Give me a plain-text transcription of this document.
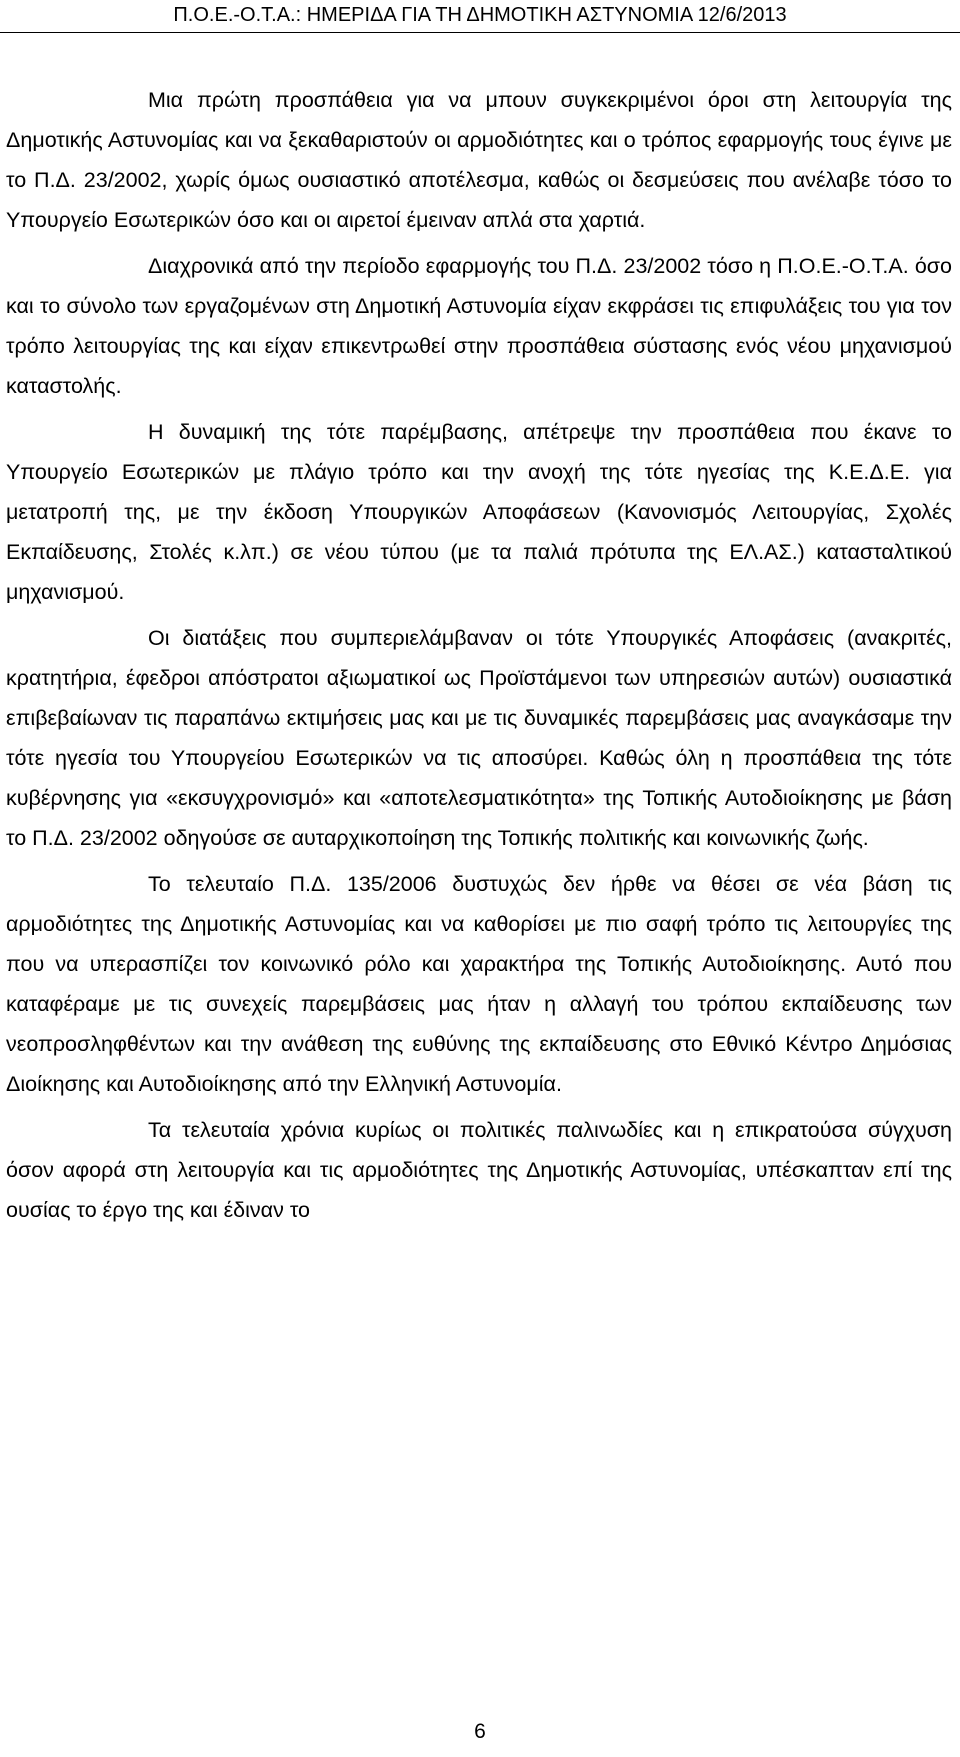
Π.Ο.Ε.-Ο.Τ.Α.: ΗΜΕΡΙΔΑ ΓΙΑ ΤΗ ΔΗΜΟΤΙΚΗ ΑΣΤΥΝΟΜΙΑ 12/6/2013

Μια πρώτη προσπάθεια για να μπουν συγκεκριμένοι όροι στη λειτουργία της Δημοτικής Αστυνομίας και να ξεκαθαριστούν οι αρμοδιότητες και ο τρόπος εφαρμογής τους έγινε με το Π.Δ. 23/2002, χωρίς όμως ουσιαστικό αποτέλεσμα, καθώς οι δεσμεύσεις που ανέλαβε τόσο το Υπουργείο Εσωτερικών όσο και οι αιρετοί έμειναν απλά στα χαρτιά.

Διαχρονικά από την περίοδο εφαρμογής του Π.Δ. 23/2002 τόσο η Π.Ο.Ε.-Ο.Τ.Α. όσο και το σύνολο των εργαζομένων στη Δημοτική Αστυνομία είχαν εκφράσει τις επιφυλάξεις του για τον τρόπο λειτουργίας της και είχαν επικεντρωθεί στην προσπάθεια σύστασης ενός νέου μηχανισμού καταστολής.

Η δυναμική της τότε παρέμβασης, απέτρεψε την προσπάθεια που έκανε το Υπουργείο Εσωτερικών με πλάγιο τρόπο και την ανοχή της τότε ηγεσίας της Κ.Ε.Δ.Ε. για μετατροπή της, με την έκδοση Υπουργικών Αποφάσεων (Κανονισμός Λειτουργίας, Σχολές Εκπαίδευσης, Στολές κ.λπ.) σε νέου τύπου (με τα παλιά πρότυπα της ΕΛ.ΑΣ.) κατασταλτικού μηχανισμού.

Οι διατάξεις που συμπεριελάμβαναν οι τότε Υπουργικές Αποφάσεις (ανακριτές, κρατητήρια, έφεδροι απόστρατοι αξιωματικοί ως Προϊστάμενοι των υπηρεσιών αυτών) ουσιαστικά επιβεβαίωναν τις παραπάνω εκτιμήσεις μας και με τις δυναμικές παρεμβάσεις μας αναγκάσαμε την τότε ηγεσία του Υπουργείου Εσωτερικών να τις αποσύρει. Καθώς όλη η προσπάθεια της τότε κυβέρνησης για «εκσυγχρονισμό» και «αποτελεσματικότητα» της Τοπικής Αυτοδιοίκησης με βάση το Π.Δ. 23/2002 οδηγούσε σε αυταρχικοποίηση της Τοπικής πολιτικής και κοινωνικής ζωής.

Το τελευταίο Π.Δ. 135/2006 δυστυχώς δεν ήρθε να θέσει σε νέα βάση τις αρμοδιότητες της Δημοτικής Αστυνομίας και να καθορίσει με πιο σαφή τρόπο τις λειτουργίες της που να υπερασπίζει τον κοινωνικό ρόλο και χαρακτήρα της Τοπικής Αυτοδιοίκησης. Αυτό που καταφέραμε με τις συνεχείς παρεμβάσεις μας ήταν η αλλαγή του τρόπου εκπαίδευσης των νεοπροσληφθέντων και την ανάθεση της ευθύνης της εκπαίδευσης στο Εθνικό Κέντρο Δημόσιας Διοίκησης και Αυτοδιοίκησης από την Ελληνική Αστυνομία.

Τα τελευταία χρόνια κυρίως οι πολιτικές παλινωδίες και η επικρατούσα σύγχυση όσον αφορά στη λειτουργία και τις αρμοδιότητες της Δημοτικής Αστυνομίας, υπέσκαπταν επί της ουσίας το έργο της και έδιναν το

6
